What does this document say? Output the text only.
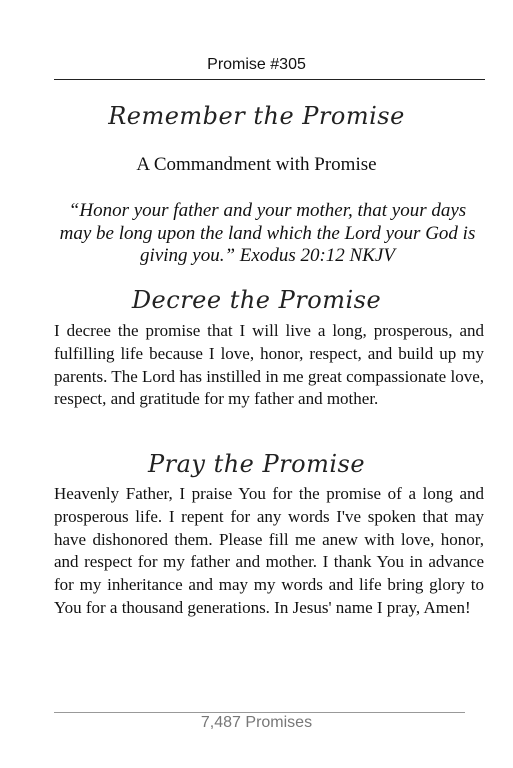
Promise #305
Remember the Promise
A Commandment with Promise
“Honor your father and your mother, that your days may be long upon the land which the Lord your God is giving you.” Exodus 20:12 NKJV
Decree the Promise
I decree the promise that I will live a long, prosperous, and fulfilling life because I love, honor, respect, and build up my parents. The Lord has instilled in me great compassionate love, respect, and gratitude for my father and mother.
Pray the Promise
Heavenly Father, I praise You for the promise of a long and prosperous life. I repent for any words I've spoken that may have dishonored them. Please fill me anew with love, honor, and respect for my father and mother. I thank You in advance for my inheritance and may my words and life bring glory to You for a thousand generations. In Jesus' name I pray, Amen!
7,487 Promises
